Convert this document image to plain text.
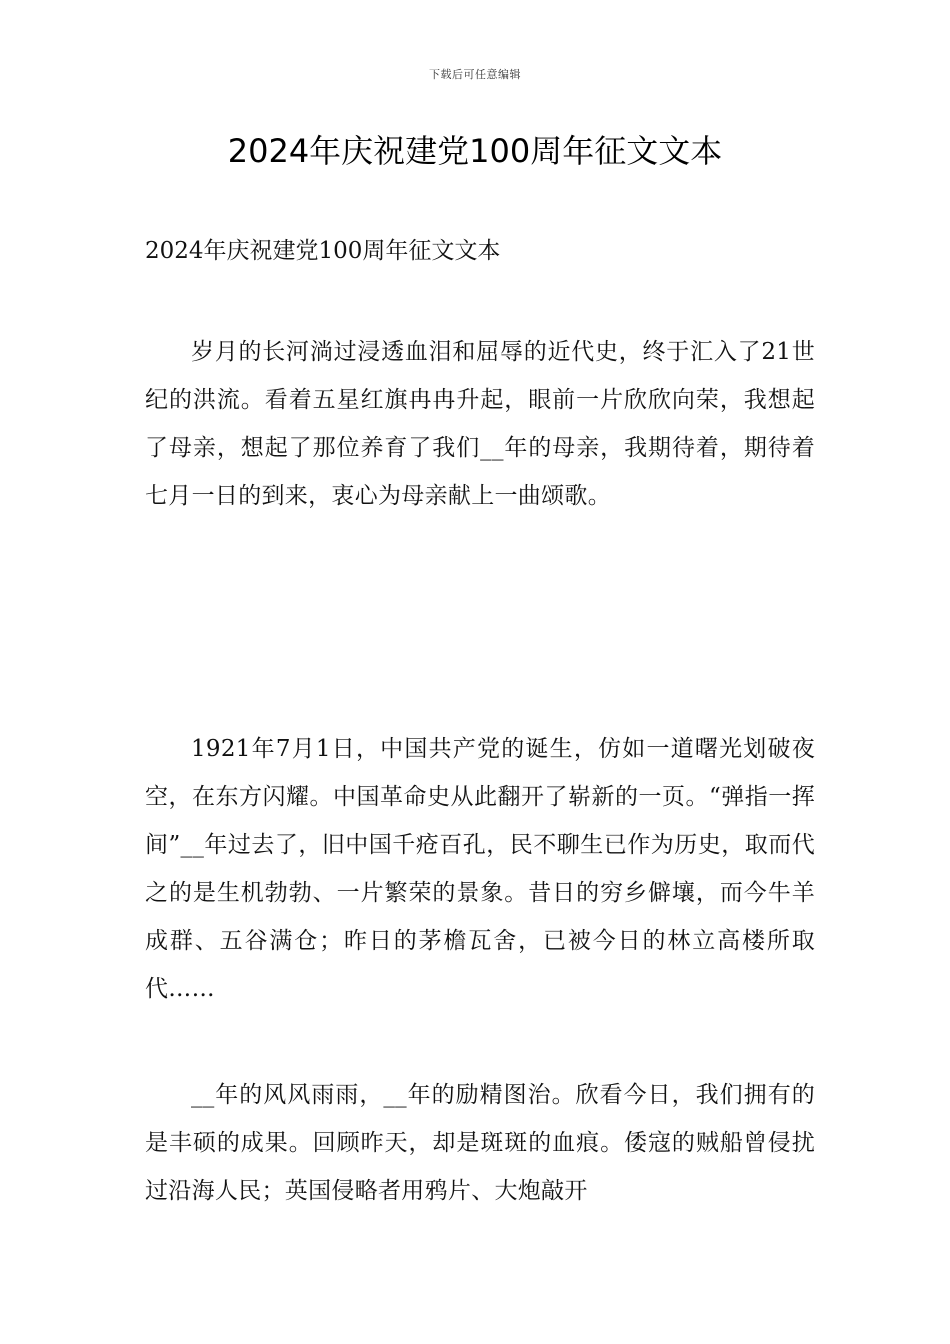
下载后可任意编辑
2024年庆祝建党100周年征文文本

2024年庆祝建党100周年征文文本

岁月的长河淌过浸透血泪和屈辱的近代史，终于汇入了21世纪的洪流。看着五星红旗冉冉升起，眼前一片欣欣向荣，我想起了母亲，想起了那位养育了我们__年的母亲，我期待着，期待着七月一日的到来，衷心为母亲献上一曲颂歌。

1921年7月1日，中国共产党的诞生，仿如一道曙光划破夜空，在东方闪耀。中国革命史从此翻开了崭新的一页。“弹指一挥间”__年过去了，旧中国千疮百孔，民不聊生已作为历史，取而代之的是生机勃勃、一片繁荣的景象。昔日的穷乡僻壤，而今牛羊成群、五谷满仓；昨日的茅檐瓦舍，已被今日的林立高楼所取代……

__年的风风雨雨，__年的励精图治。欣看今日，我们拥有的是丰硕的成果。回顾昨天，却是斑斑的血痕。倭寇的贼船曾侵扰过沿海人民；英国侵略者用鸦片、大炮敲开
